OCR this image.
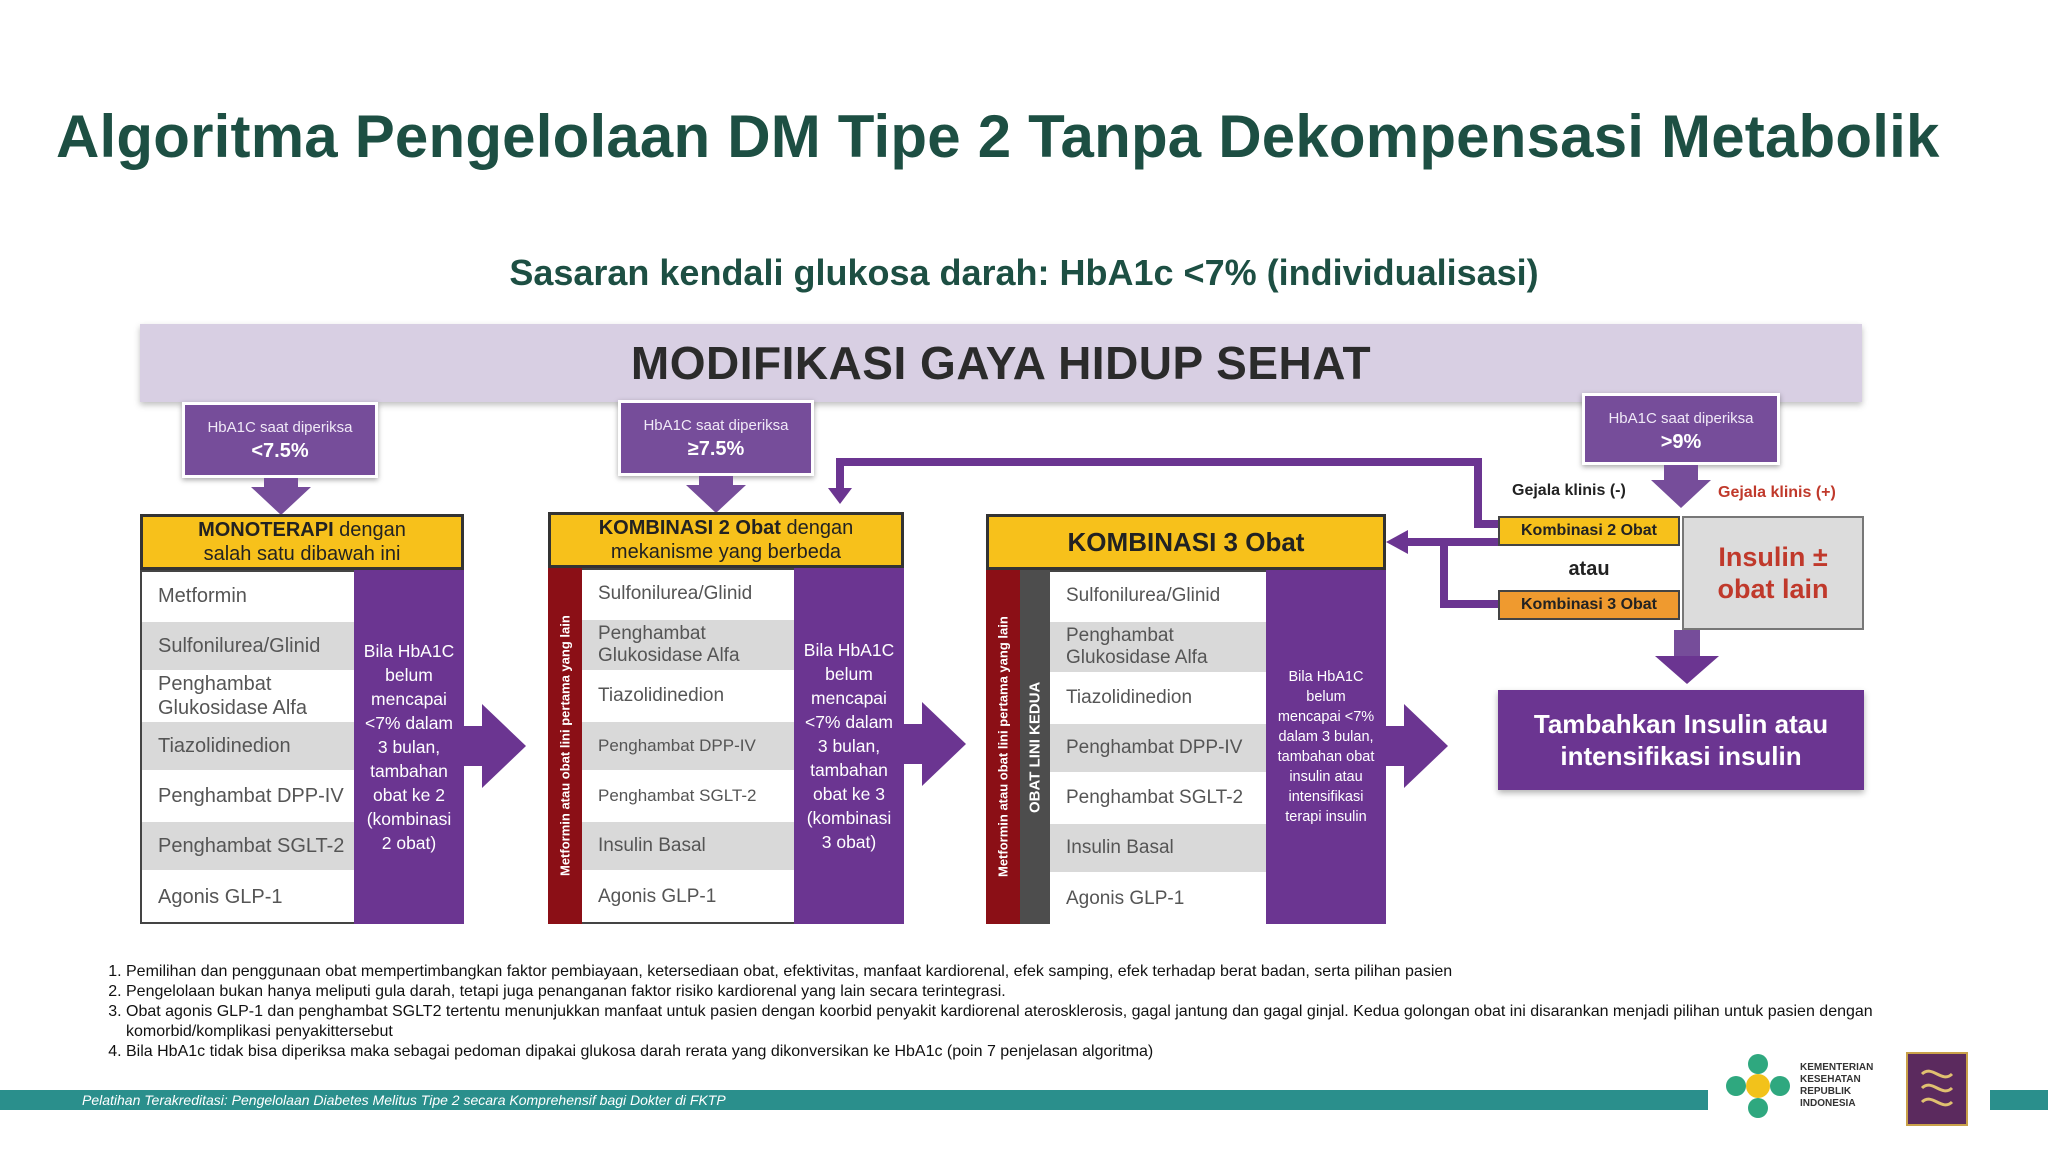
Algoritma Pengelolaan DM Tipe 2 Tanpa Dekompensasi Metabolik
Sasaran kendali glukosa darah: HbA1c <7% (individualisasi)
MODIFIKASI GAYA HIDUP SEHAT
HbA1C saat diperiksa
<7.5%
HbA1C saat diperiksa
≥7.5%
HbA1C saat diperiksa
>9%
MONOTERAPI dengan
salah satu dibawah ini
Metformin
Sulfonilurea/Glinid
Penghambat Glukosidase Alfa
Tiazolidinedion
Penghambat DPP-IV
Penghambat SGLT-2
Agonis GLP-1
Bila HbA1C belum mencapai <7% dalam 3 bulan, tambahan obat ke 2 (kombinasi 2 obat)
KOMBINASI 2 Obat dengan
mekanisme yang berbeda
Metformin atau obat lini pertama yang lain
Sulfonilurea/Glinid
Penghambat Glukosidase Alfa
Tiazolidinedion
Penghambat DPP-IV
Penghambat SGLT-2
Insulin Basal
Agonis GLP-1
Bila HbA1C belum mencapai <7% dalam 3 bulan, tambahan obat ke 3 (kombinasi 3 obat)
KOMBINASI 3 Obat
Metformin atau obat lini pertama yang lain	OBAT LINI KEDUA
Sulfonilurea/Glinid
Penghambat Glukosidase Alfa
Tiazolidinedion
Penghambat DPP-IV
Penghambat SGLT-2
Insulin Basal
Agonis GLP-1
Bila HbA1C belum mencapai <7% dalam 3 bulan, tambahan obat insulin atau intensifikasi terapi insulin
Gejala klinis (-)	Gejala klinis (+)
Kombinasi 2 Obat
atau
Kombinasi 3 Obat
Insulin ± obat lain
Tambahkan Insulin atau intensifikasi insulin
1. Pemilihan dan penggunaan obat mempertimbangkan faktor pembiayaan, ketersediaan obat, efektivitas, manfaat kardiorenal, efek samping, efek terhadap berat badan, serta pilihan pasien
2. Pengelolaan bukan hanya meliputi gula darah, tetapi juga penanganan faktor risiko kardiorenal yang lain secara terintegrasi.
3. Obat agonis GLP-1 dan penghambat SGLT2 tertentu menunjukkan manfaat untuk pasien dengan koorbid penyakit kardiorenal aterosklerosis, gagal jantung dan gagal ginjal. Kedua golongan obat ini disarankan menjadi pilihan untuk pasien dengan komorbid/komplikasi penyakittersebut
4. Bila HbA1c tidak bisa diperiksa maka sebagai pedoman dipakai glukosa darah rerata yang dikonversikan ke HbA1c (poin 7 penjelasan algoritma)
Pelatihan Terakreditasi: Pengelolaan Diabetes Melitus Tipe 2 secara Komprehensif bagi Dokter di FKTP
KEMENTERIAN
KESEHATAN
REPUBLIK
INDONESIA
